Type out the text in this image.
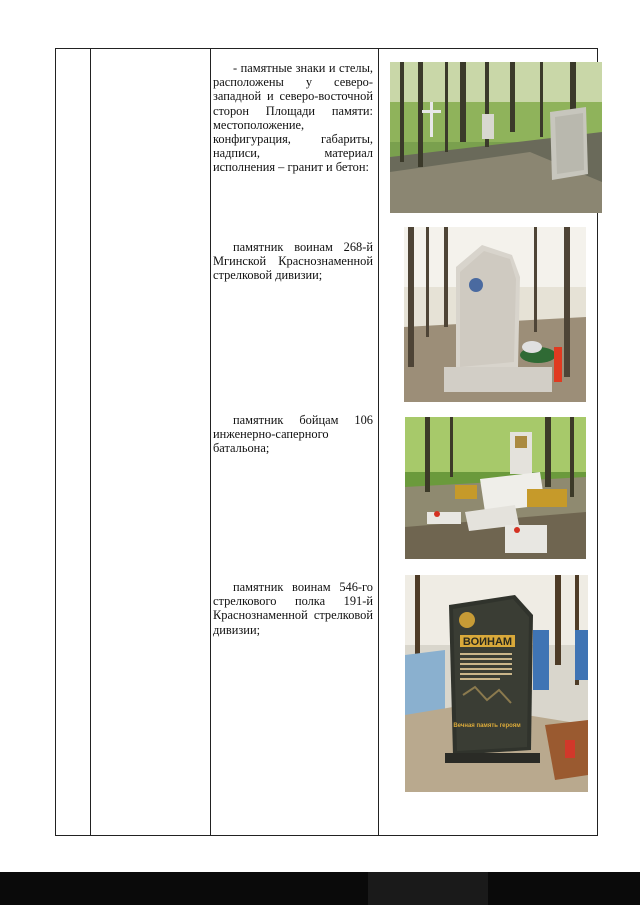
- памятные знаки и стелы, расположены у северо-западной и северо-восточной сторон Площади памяти: местоположение, конфигурация, габариты, надписи, материал исполнения – гранит и бетон:
памятник воинам 268-й Мгинской Краснознаменной стрелковой дивизии;
памятник бойцам 106 инженерно-саперного батальона;
памятник воинам 546-го стрелкового полка 191-й Краснознаменной стрелковой дивизии;
ВОИНАМ
Вечная память героям
